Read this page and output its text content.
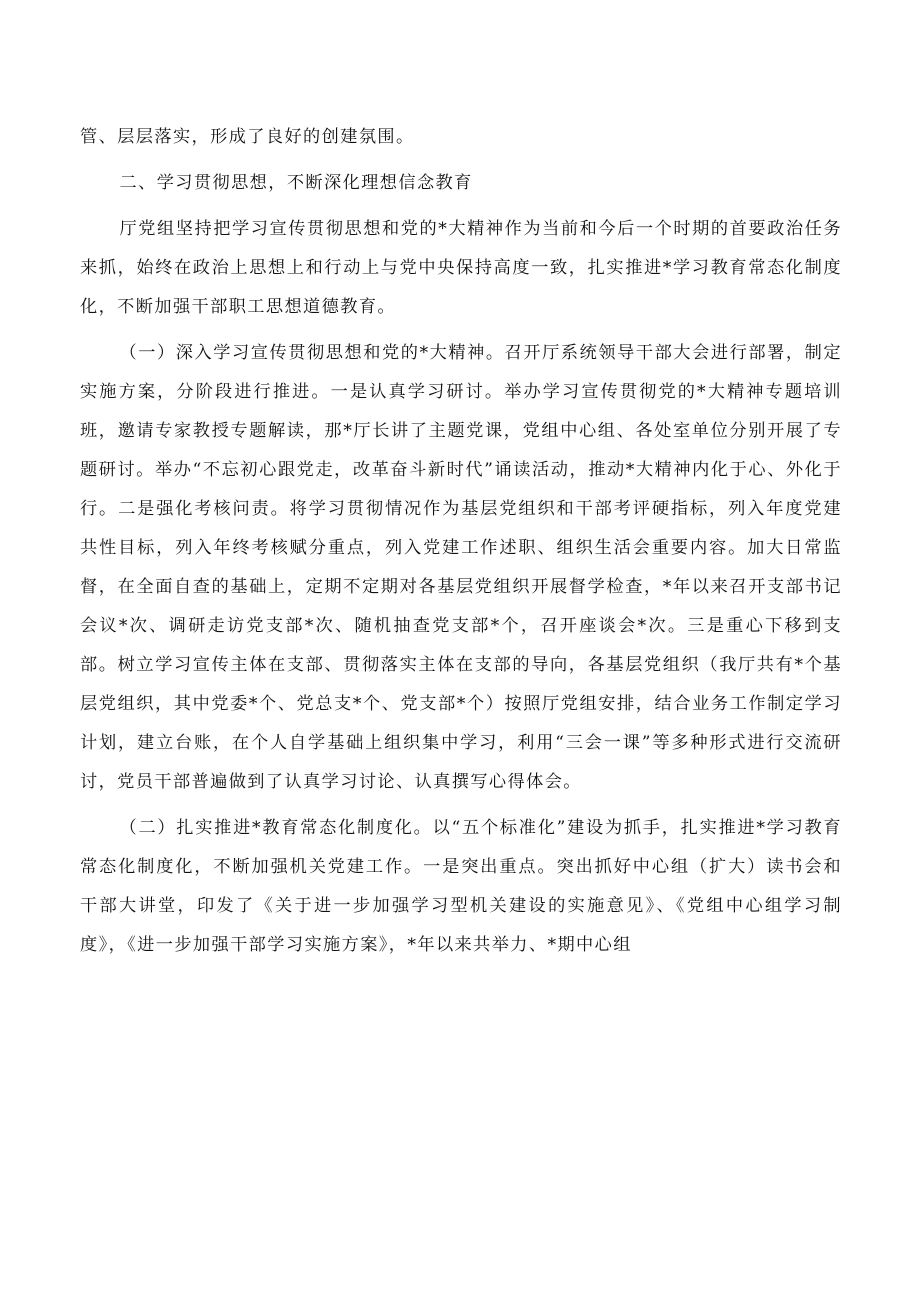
管、层层落实，形成了良好的创建氛围。

二、学习贯彻思想，不断深化理想信念教育

厅党组坚持把学习宣传贯彻思想和党的*大精神作为当前和今后一个时期的首要政治任务来抓，始终在政治上思想上和行动上与党中央保持高度一致，扎实推进*学习教育常态化制度化，不断加强干部职工思想道德教育。

（一）深入学习宣传贯彻思想和党的*大精神。召开厅系统领导干部大会进行部署，制定实施方案，分阶段进行推进。一是认真学习研讨。举办学习宣传贯彻党的*大精神专题培训班，邀请专家教授专题解读，那*厅长讲了主题党课，党组中心组、各处室单位分别开展了专题研讨。举办“不忘初心跟党走，改革奋斗新时代”诵读活动，推动*大精神内化于心、外化于行。二是强化考核问责。将学习贯彻情况作为基层党组织和干部考评硬指标，列入年度党建共性目标，列入年终考核赋分重点，列入党建工作述职、组织生活会重要内容。加大日常监督，在全面自查的基础上，定期不定期对各基层党组织开展督学检查，*年以来召开支部书记会议*次、调研走访党支部*次、随机抽查党支部*个，召开座谈会*次。三是重心下移到支部。树立学习宣传主体在支部、贯彻落实主体在支部的导向，各基层党组织（我厅共有*个基层党组织，其中党委*个、党总支*个、党支部*个）按照厅党组安排，结合业务工作制定学习计划，建立台账，在个人自学基础上组织集中学习，利用“三会一课”等多种形式进行交流研讨，党员干部普遍做到了认真学习讨论、认真撰写心得体会。

（二）扎实推进*教育常态化制度化。以“五个标准化”建设为抓手，扎实推进*学习教育常态化制度化，不断加强机关党建工作。一是突出重点。突出抓好中心组（扩大）读书会和干部大讲堂，印发了《关于进一步加强学习型机关建设的实施意见》、《党组中心组学习制度》，《进一步加强干部学习实施方案》，*年以来共举力、*期中心组
